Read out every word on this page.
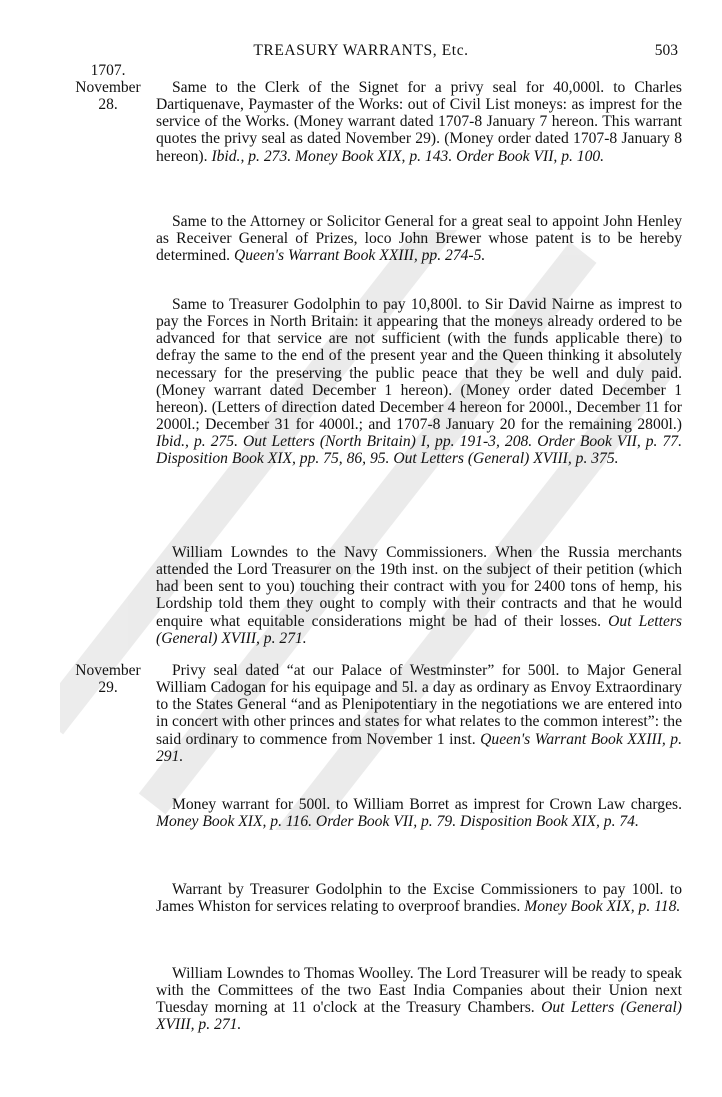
TREASURY WARRANTS, Etc.	503
1707.
November
28.
November
29.
Same to the Clerk of the Signet for a privy seal for 40,000l. to Charles Dartiquenave, Paymaster of the Works: out of Civil List moneys: as imprest for the service of the Works. (Money warrant dated 1707-8 January 7 hereon. This warrant quotes the privy seal as dated November 29). (Money order dated 1707-8 January 8 hereon). Ibid., p. 273. Money Book XIX, p. 143. Order Book VII, p. 100.
Same to the Attorney or Solicitor General for a great seal to appoint John Henley as Receiver General of Prizes, loco John Brewer whose patent is to be hereby determined. Queen's Warrant Book XXIII, pp. 274-5.
Same to Treasurer Godolphin to pay 10,800l. to Sir David Nairne as imprest to pay the Forces in North Britain: it appearing that the moneys already ordered to be advanced for that service are not sufficient (with the funds applicable there) to defray the same to the end of the present year and the Queen thinking it absolutely necessary for the preserving the public peace that they be well and duly paid. (Money warrant dated December 1 hereon). (Money order dated December 1 hereon). (Letters of direction dated December 4 hereon for 2000l., December 11 for 2000l.; December 31 for 4000l.; and 1707-8 January 20 for the remaining 2800l.) Ibid., p. 275. Out Letters (North Britain) I, pp. 191-3, 208. Order Book VII, p. 77. Disposition Book XIX, pp. 75, 86, 95. Out Letters (General) XVIII, p. 375.
William Lowndes to the Navy Commissioners. When the Russia merchants attended the Lord Treasurer on the 19th inst. on the subject of their petition (which had been sent to you) touching their contract with you for 2400 tons of hemp, his Lordship told them they ought to comply with their contracts and that he would enquire what equitable considerations might be had of their losses. Out Letters (General) XVIII, p. 271.
Privy seal dated “at our Palace of Westminster” for 500l. to Major General William Cadogan for his equipage and 5l. a day as ordinary as Envoy Extraordinary to the States General “and as Plenipotentiary in the negotiations we are entered into in concert with other princes and states for what relates to the common interest”: the said ordinary to commence from November 1 inst. Queen's Warrant Book XXIII, p. 291.
Money warrant for 500l. to William Borret as imprest for Crown Law charges. Money Book XIX, p. 116. Order Book VII, p. 79. Disposition Book XIX, p. 74.
Warrant by Treasurer Godolphin to the Excise Commissioners to pay 100l. to James Whiston for services relating to overproof brandies. Money Book XIX, p. 118.
William Lowndes to Thomas Woolley. The Lord Treasurer will be ready to speak with the Committees of the two East India Companies about their Union next Tuesday morning at 11 o'clock at the Treasury Chambers. Out Letters (General) XVIII, p. 271.
